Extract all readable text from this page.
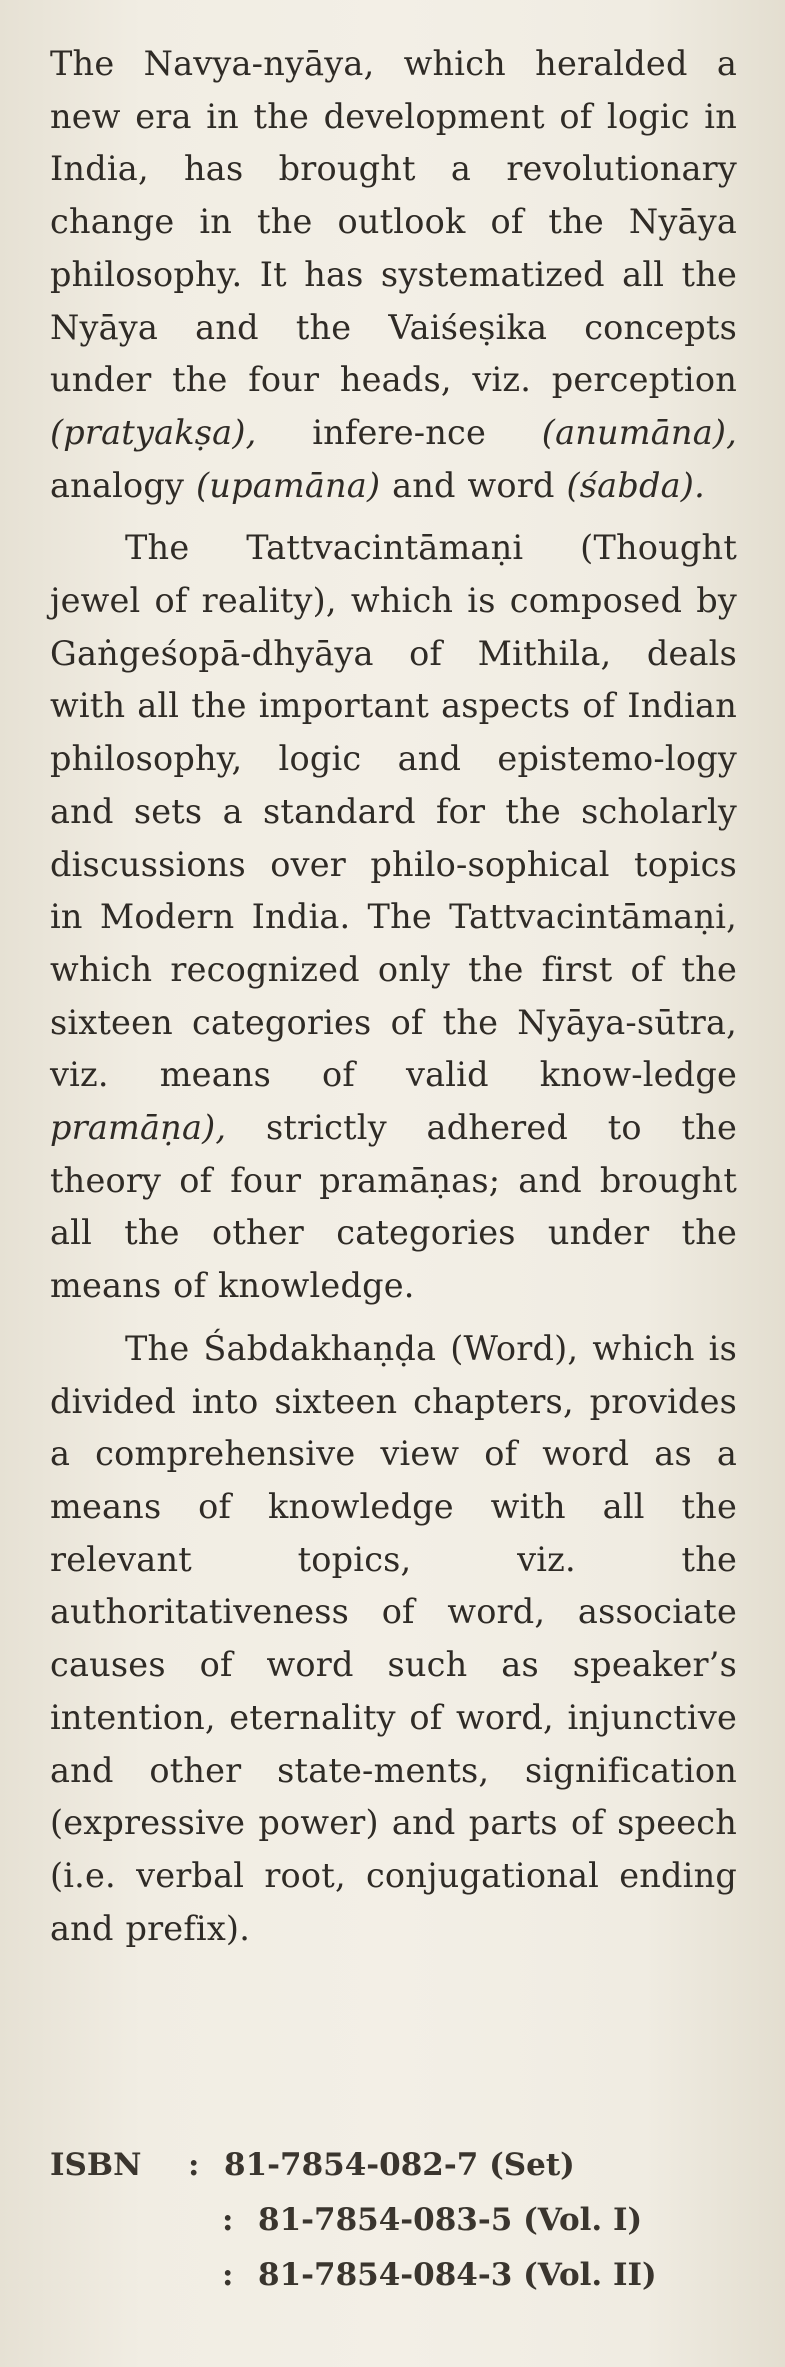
The Navya-nyāya, which heralded a new era in the development of logic in India, has brought a revolutionary change in the outlook of the Nyāya philosophy. It has systematized all the Nyāya and the Vaiśeṣika concepts under the four heads, viz. perception (pratyakṣa), infere-nce (anumāna), analogy (upamāna) and word (śabda).

The Tattvacintāmaṇi (Thought jewel of reality), which is composed by Gaṅgeśopā-dhyāya of Mithila, deals with all the important aspects of Indian philosophy, logic and epistemo-logy and sets a standard for the scholarly discussions over philo-sophical topics in Modern India. The Tattvacintāmaṇi, which recognized only the first of the sixteen categories of the Nyāya-sūtra, viz. means of valid know-ledge pramāṇa), strictly adhered to the theory of four pramāṇas; and brought all the other categories under the means of knowledge.

The Śabdakhaṇḍa (Word), which is divided into sixteen chapters, provides a comprehensive view of word as a means of knowledge with all the relevant topics, viz. the authoritativeness of word, associate causes of word such as speaker’s intention, eternality of word, injunctive and other state-ments, signification (expressive power) and parts of speech (i.e. verbal root, conjugational ending and prefix).

ISBN	: 81-7854-082-7 (Set)
: 81-7854-083-5 (Vol. I)
: 81-7854-084-3 (Vol. II)
